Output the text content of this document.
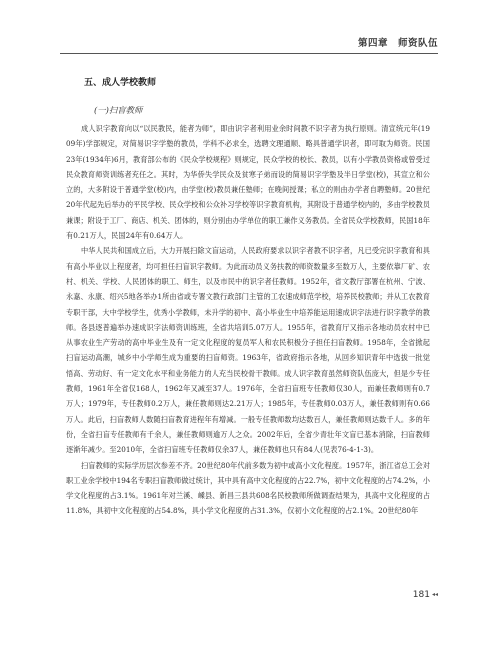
第四章　师资队伍
五、成人学校教师
(一)扫盲教师

成人识字教育向以“以民教民，能者为师”，即由识字者利用业余时间教不识字者为执行原则。清宣统元年(1909年)学部规定，对简易识字学塾的教员，学科不必求全，选聘文理通顺、略具普通学识者，即可取为师资。民国23年(1934年)6月，教育部公布的《民众学校规程》则规定，民众学校的校长、教员，以有小学教员资格或曾受过民众教育师资训练者充任之。其时，为华侨失学民众及贫寒子弟而设的简易识字学塾及半日学堂(校)，其宣立和公立的，大多附设于普通学堂(校)内，由学堂(校)教员兼任塾师；在晚间授课；私立的则由办学者自聘塾师。20世纪20年代起先后举办的平民学校、民众学校和公众补习学校等识字教育机构，其附设于普通学校内的，多由学校教员兼课；附设于工厂、商店、机关、团体的，则分别由办学单位的职工兼作义务教员。全省民众学校教师，民国18年有0.21万人，民国24年有0.64万人。

中华人民共和国成立后，大力开展扫除文盲运动，人民政府要求以识字者教不识字者，凡已受完识字教育和具有高小毕业以上程度者，均可担任扫盲识字教师。为此而动员义务扶教的师资数量多至数万人，主要依靠厂矿、农村、机关、学校、人民团体的职工、师生，以及市民中的识字者任教师。1952年，省文教厅部署在杭州、宁波、永嘉、永康、绍兴5地各举办1所由省或专署文教行政部门主管的工农速成师范学校，培养民校教师；并从工农教育专职干部，大中学校学生，优秀小学教师，未升学的初中、高小毕业生中培养能运用速成识字法进行识字教学的教师。各县逐普遍举办速成识字法师资训练班，全省共培训5.07万人。1955年，省教育厅又指示各地动员农村中已从事农业生产劳动的高中毕业生及有一定文化程度的复员军人和农民积极分子担任扫盲教师。1958年，全省掀起扫盲运动高潮，城乡中小学师生成为重要的扫盲师资。1963年，省政府指示各地，从回乡知识青年中选拔一批觉悟高、劳动好、有一定文化水平和业务能力的人充当民校骨干教师。成人识字教育虽然师资队伍庞大，但是少专任教师，1961年全省仅168人，1962年又减至37人。1976年，全省扫盲班专任教师仅30人，而兼任教师则有0.7万人；1979年，专任教师0.2万人，兼任教师则达2.21万人；1985年，专任教师0.03万人，兼任教师则有0.66万人。此后，扫盲教师人数随扫盲教育进程年有增减。一般专任教师数均达数百人，兼任教师则达数千人。多的年份，全省扫盲专任教师有千余人，兼任教师则逾万人之众。2002年后，全省少青壮年文盲已基本消除，扫盲教师逐渐年减少。至2010年，全省扫盲班专任教师仅余37人，兼任教师也只有84人(见表76-4-1-3)。

扫盲教师的实际学历层次参差不齐。20世纪80年代前多数为初中或高小文化程度。1957年，浙江省总工会对职工业余学校中194名专职扫盲教师做过统计，其中具有高中文化程度的占22.7%，初中文化程度的占74.2%，小学文化程度的占3.1%。1961年对兰溪、嵊县、新昌三县共608名民校教师所做调查结果为，具高中文化程度的占11.8%，具初中文化程度的占54.8%，具小学文化程度的占31.3%，仅初小文化程度的占2.1%。20世纪80年

181 ◂◂
